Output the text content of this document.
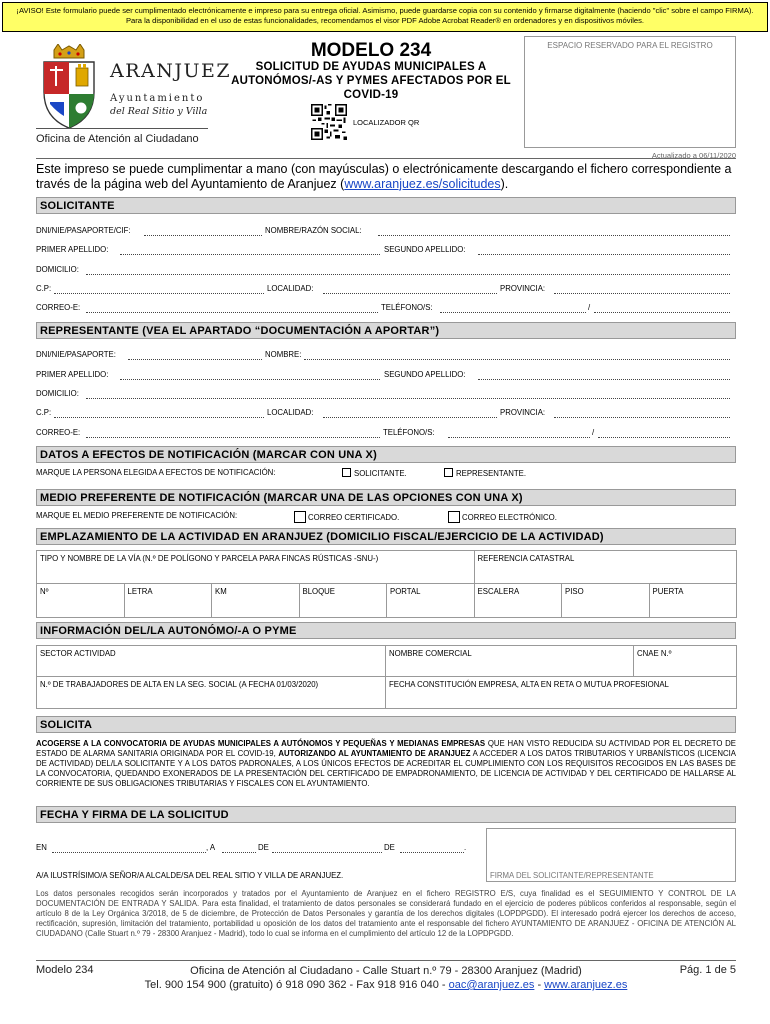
¡AVISO! Este formulario puede ser cumplimentado electrónicamente e impreso para su entrega oficial. Asimismo, puede guardarse copia con su contenido y firmarse digitalmente (haciendo "clic" sobre el campo FIRMA). Para la disponibilidad en el uso de estas funcionalidades, recomendamos el visor PDF Adobe Acrobat Reader® en ordenadores y en dispositivos móviles.
ARANJUEZ
Ayuntamiento
del Real Sitio y Villa
Oficina de Atención al Ciudadano
MODELO 234
SOLICITUD DE AYUDAS MUNICIPALES A AUTONÓMOS/-AS Y PYMES AFECTADOS POR EL COVID-19
LOCALIZADOR QR
ESPACIO RESERVADO PARA EL REGISTRO
Actualizado a 06/11/2020
Este impreso se puede cumplimentar a mano (con mayúsculas) o electrónicamente descargando el fichero correspondiente a través de la página web del Ayuntamiento de Aranjuez (www.aranjuez.es/solicitudes).
SOLICITANTE
DNI/NIE/PASAPORTE/CIF:	NOMBRE/RAZÓN SOCIAL:
PRIMER APELLIDO:	SEGUNDO APELLIDO:
DOMICILIO:
C.P:	LOCALIDAD:	PROVINCIA:
CORREO-E:	TELÉFONO/S:	/
REPRESENTANTE (VEA EL APARTADO “DOCUMENTACIÓN A APORTAR”)
DNI/NIE/PASAPORTE:	NOMBRE:
PRIMER APELLIDO:	SEGUNDO APELLIDO:
DOMICILIO:
C.P:	LOCALIDAD:	PROVINCIA:
CORREO-E:	TELÉFONO/S:	/
DATOS A EFECTOS DE NOTIFICACIÓN (MARCAR CON UNA X)
MARQUE LA PERSONA ELEGIDA A EFECTOS DE NOTIFICACIÓN:	SOLICITANTE.	REPRESENTANTE.
MEDIO PREFERENTE DE NOTIFICACIÓN (MARCAR UNA DE LAS OPCIONES CON UNA X)
MARQUE EL MEDIO PREFERENTE DE NOTIFICACIÓN:	CORREO CERTIFICADO.	CORREO ELECTRÓNICO.
EMPLAZAMIENTO DE LA ACTIVIDAD EN ARANJUEZ (DOMICILIO FISCAL/EJERCICIO DE LA ACTIVIDAD)
TIPO Y NOMBRE DE LA VÍA (N.º DE POLÍGONO Y PARCELA PARA FINCAS RÚSTICAS -SNU-)					REFERENCIA CATASTRAL		
Nº	LETRA	KM	BLOQUE	PORTAL	ESCALERA	PISO	PUERTA
INFORMACIÓN DEL/LA AUTONÓMO/-A O PYME
SECTOR ACTIVIDAD	NOMBRE COMERCIAL	CNAE N.º
N.º DE TRABAJADORES DE ALTA EN LA SEG. SOCIAL (A FECHA 01/03/2020)	FECHA CONSTITUCIÓN EMPRESA, ALTA EN RETA O MUTUA PROFESIONAL	
SOLICITA
ACOGERSE A LA CONVOCATORIA DE AYUDAS MUNICIPALES A AUTÓNOMOS Y PEQUEÑAS Y MEDIANAS EMPRESAS QUE HAN VISTO REDUCIDA SU ACTIVIDAD POR EL DECRETO DE ESTADO DE ALARMA SANITARIA ORIGINADA POR EL COVID-19, AUTORIZANDO AL AYUNTAMIENTO DE ARANJUEZ A ACCEDER A LOS DATOS TRIBUTARIOS Y URBANÍSTICOS (LICENCIA DE ACTIVIDAD) DEL/LA SOLICITANTE Y A LOS DATOS PADRONALES, A LOS ÚNICOS EFECTOS DE ACREDITAR EL CUMPLIMIENTO CON LOS REQUISITOS RECOGIDOS EN LAS BASES DE LA CONVOCATORIA, QUEDANDO EXONERADOS DE LA PRESENTACIÓN DEL CERTIFICADO DE EMPADRONAMIENTO, DE LICENCIA DE ACTIVIDAD Y DEL CERTIFICADO DE HALLARSE AL CORRIENTE DE SUS OBLIGACIONES TRIBUTARIAS Y FISCALES CON EL AYUNTAMIENTO.
FECHA Y FIRMA DE LA SOLICITUD
EN	, A	DE	DE	.
A/A ILUSTRÍSIMO/A SEÑOR/A ALCALDE/SA DEL REAL SITIO Y VILLA DE ARANJUEZ.	FIRMA DEL SOLICITANTE/REPRESENTANTE
Los datos personales recogidos serán incorporados y tratados por el Ayuntamiento de Aranjuez en el fichero REGISTRO E/S, cuya finalidad es el SEGUIMIENTO Y CONTROL DE LA DOCUMENTACIÓN DE ENTRADA Y SALIDA. Para esta finalidad, el tratamiento de datos personales se considerará fundado en el ejercicio de poderes públicos conferidos al responsable, según el artículo 8 de la Ley Orgánica 3/2018, de 5 de diciembre, de Protección de Datos Personales y garantía de los derechos digitales (LOPDPGDD). El interesado podrá ejercer los derechos de acceso, rectificación, supresión, limitación del tratamiento, portabilidad u oposición de los datos del tratamiento ante el responsable del fichero AYUNTAMIENTO DE ARANJUEZ - OFICINA DE ATENCIÓN AL CIUDADANO (Calle Stuart n.º 79 - 28300 Aranjuez - Madrid), todo lo cual se informa en el cumplimiento del artículo 12 de la LOPDPGDD.
Oficina de Atención al Ciudadano - Calle Stuart n.º 79 - 28300 Aranjuez (Madrid)
Tel. 900 154 900 (gratuito) ó 918 090 362 - Fax 918 916 040 - oac@aranjuez.es - www.aranjuez.es
Modelo 234	Pág. 1 de 5
